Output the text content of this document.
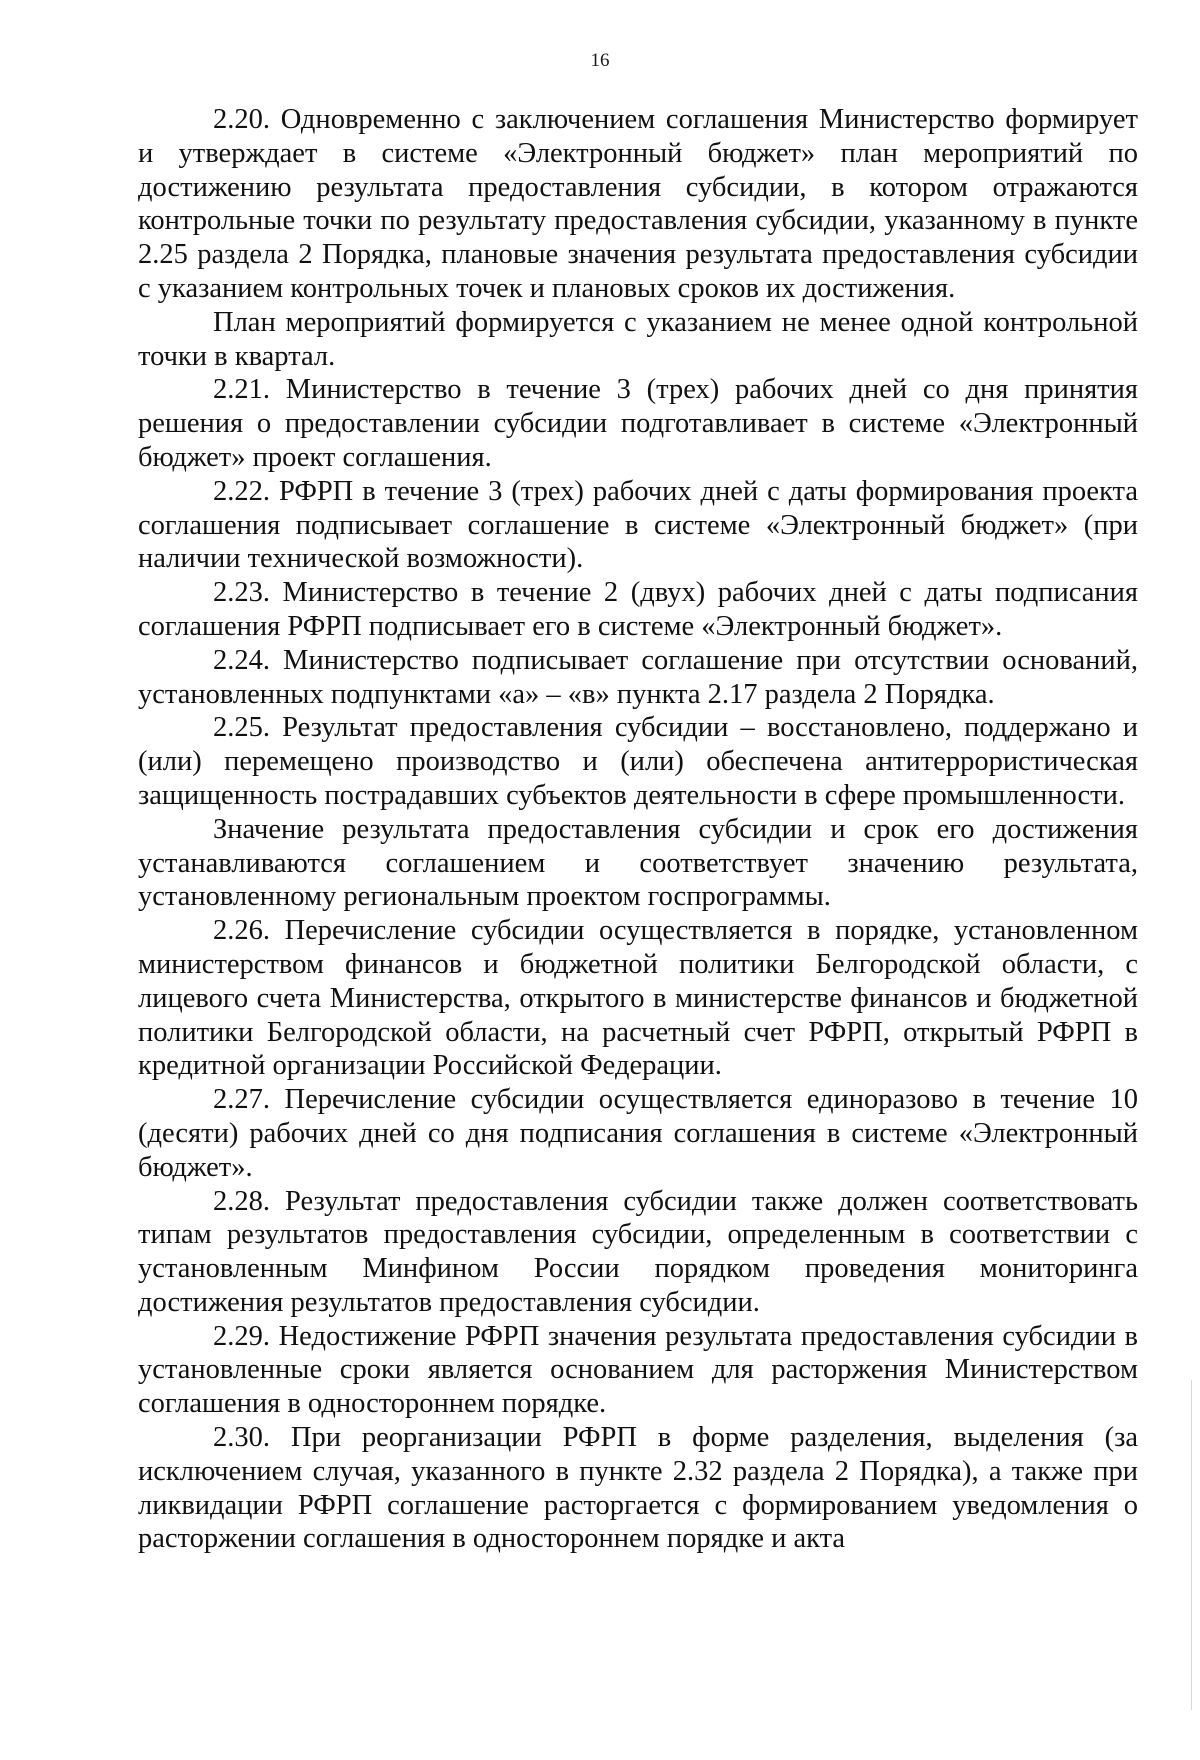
16

2.20. Одновременно с заключением соглашения Министерство формирует и утверждает в системе «Электронный бюджет» план мероприятий по достижению результата предоставления субсидии, в котором отражаются контрольные точки по результату предоставления субсидии, указанному в пункте 2.25 раздела 2 Порядка, плановые значения результата предоставления субсидии с указанием контрольных точек и плановых сроков их достижения.

План мероприятий формируется с указанием не менее одной контрольной точки в квартал.

2.21. Министерство в течение 3 (трех) рабочих дней со дня принятия решения о предоставлении субсидии подготавливает в системе «Электронный бюджет» проект соглашения.

2.22. РФРП в течение 3 (трех) рабочих дней с даты формирования проекта соглашения подписывает соглашение в системе «Электронный бюджет» (при наличии технической возможности).

2.23. Министерство в течение 2 (двух) рабочих дней с даты подписания соглашения РФРП подписывает его в системе «Электронный бюджет».

2.24. Министерство подписывает соглашение при отсутствии оснований, установленных подпунктами «а» – «в» пункта 2.17 раздела 2 Порядка.

2.25. Результат предоставления субсидии – восстановлено, поддержано и (или) перемещено производство и (или) обеспечена антитеррористическая защищенность пострадавших субъектов деятельности в сфере промышленности.

Значение результата предоставления субсидии и срок его достижения устанавливаются соглашением и соответствует значению результата, установленному региональным проектом госпрограммы.

2.26. Перечисление субсидии осуществляется в порядке, установленном министерством финансов и бюджетной политики Белгородской области, с лицевого счета Министерства, открытого в министерстве финансов и бюджетной политики Белгородской области, на расчетный счет РФРП, открытый РФРП в кредитной организации Российской Федерации.

2.27. Перечисление субсидии осуществляется единоразово в течение 10 (десяти) рабочих дней со дня подписания соглашения в системе «Электронный бюджет».

2.28. Результат предоставления субсидии также должен соответствовать типам результатов предоставления субсидии, определенным в соответствии с установленным Минфином России порядком проведения мониторинга достижения результатов предоставления субсидии.

2.29. Недостижение РФРП значения результата предоставления субсидии в установленные сроки является основанием для расторжения Министерством соглашения в одностороннем порядке.

2.30. При реорганизации РФРП в форме разделения, выделения (за исключением случая, указанного в пункте 2.32 раздела 2 Порядка), а также при ликвидации РФРП соглашение расторгается с формированием уведомления о расторжении соглашения в одностороннем порядке и акта
